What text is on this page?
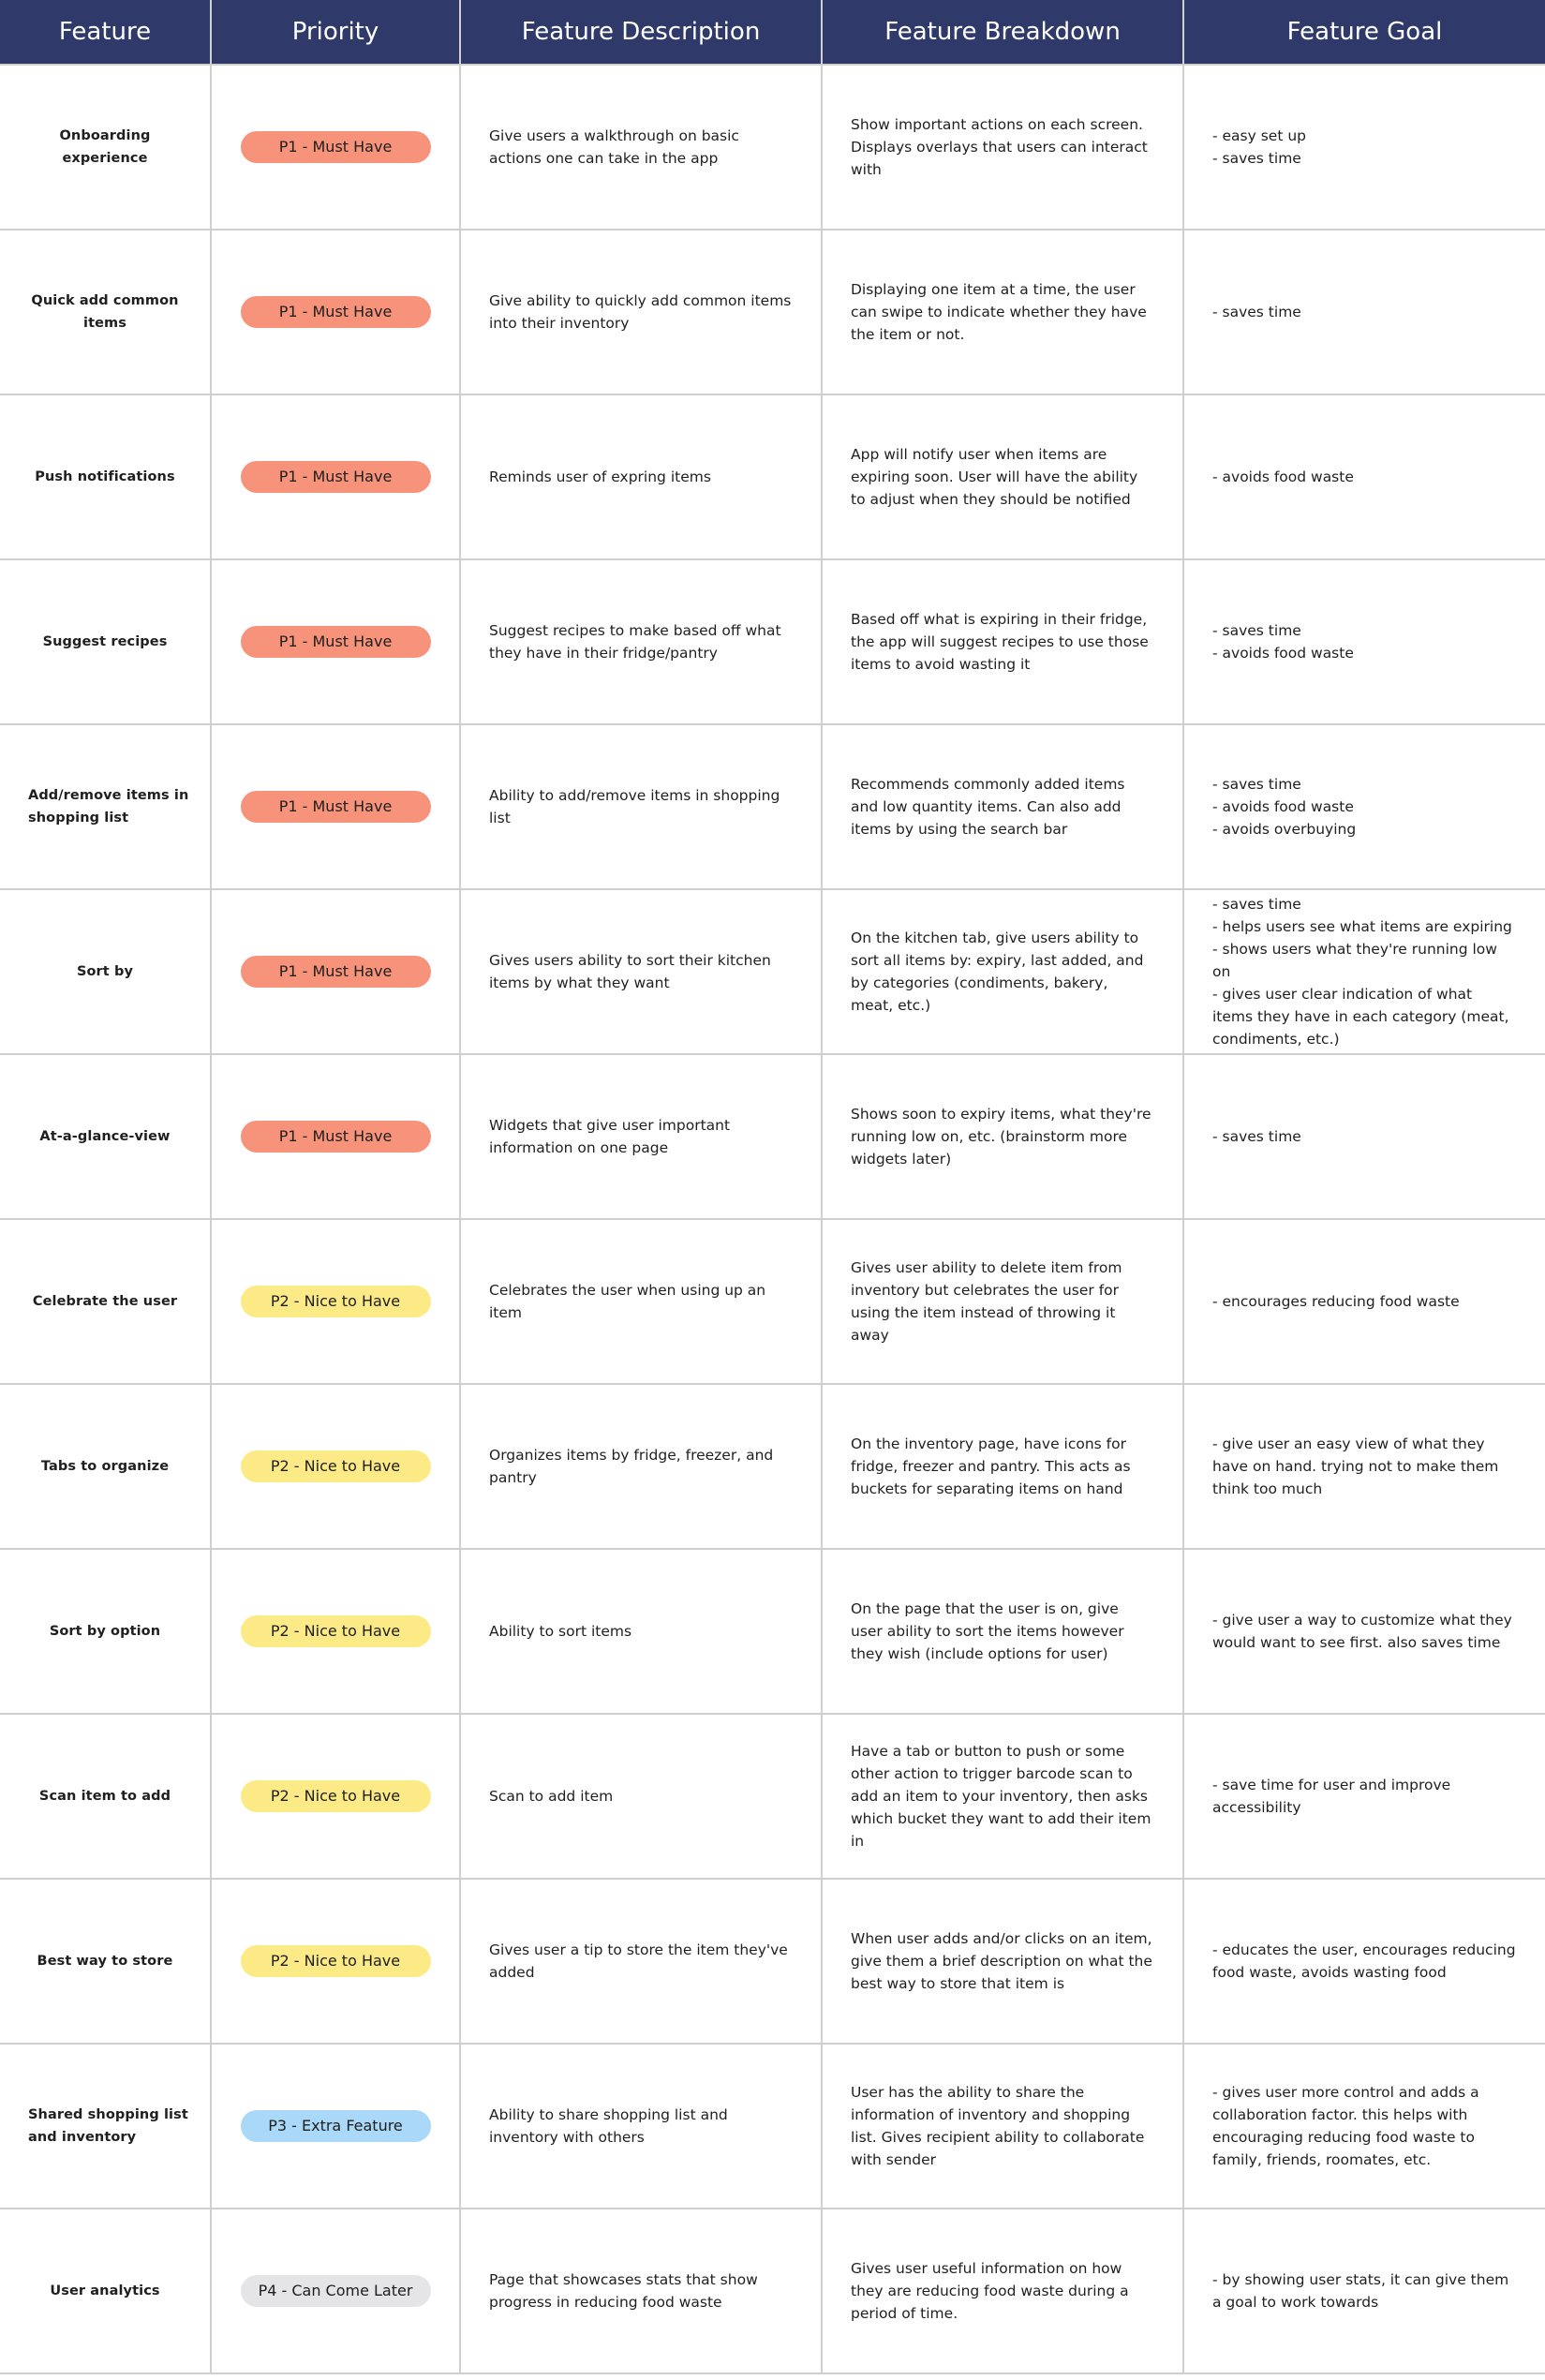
Feature	Priority	Feature Description	Feature Breakdown	Feature Goal
Onboarding experience	P1 - Must Have	Give users a walkthrough on basic actions one can take in the app	Show important actions on each screen. Displays overlays that users can interact with	- easy set up
- saves time

Quick add common items	P1 - Must Have	Give ability to quickly add common items into their inventory	Displaying one item at a time, the user can swipe to indicate whether they have the item or not.	- saves time

Push notifications	P1 - Must Have	Reminds user of expring items	App will notify user when items are expiring soon. User will have the ability to adjust when they should be notified	- avoids food waste

Suggest recipes	P1 - Must Have	Suggest recipes to make based off what they have in their fridge/pantry	Based off what is expiring in their fridge, the app will suggest recipes to use those items to avoid wasting it	- saves time
- avoids food waste

Add/remove items in shopping list	P1 - Must Have	Ability to add/remove items in shopping list	Recommends commonly added items and low quantity items. Can also add items by using the search bar	- saves time
- avoids food waste
- avoids overbuying

Sort by	P1 - Must Have	Gives users ability to sort their kitchen items by what they want	On the kitchen tab, give users ability to sort all items by: expiry, last added, and by categories (condiments, bakery, meat, etc.)	- saves time
- helps users see what items are expiring
- shows users what they're running low on
- gives user clear indication of what items they have in each category (meat, condiments, etc.)

At-a-glance-view	P1 - Must Have	Widgets that give user important information on one page	Shows soon to expiry items, what they're running low on, etc. (brainstorm more widgets later)	- saves time

Celebrate the user	P2 - Nice to Have	Celebrates the user when using up an item	Gives user ability to delete item from inventory but celebrates the user for using the item instead of throwing it away	- encourages reducing food waste

Tabs to organize	P2 - Nice to Have	Organizes items by fridge, freezer, and pantry	On the inventory page, have icons for fridge, freezer and pantry. This acts as buckets for separating items on hand	- give user an easy view of what they have on hand. trying not to make them think too much

Sort by option	P2 - Nice to Have	Ability to sort items	On the page that the user is on, give user ability to sort the items however they wish (include options for user)	- give user a way to customize what they would want to see first. also saves time

Scan item to add	P2 - Nice to Have	Scan to add item	Have a tab or button to push or some other action to trigger barcode scan to add an item to your inventory, then asks which bucket they want to add their item in	- save time for user and improve accessibility

Best way to store	P2 - Nice to Have	Gives user a tip to store the item they've added	When user adds and/or clicks on an item, give them a brief description on what the best way to store that item is	- educates the user, encourages reducing food waste, avoids wasting food

Shared shopping list and inventory	P3 - Extra Feature	Ability to share shopping list and inventory with others	User has the ability to share the information of inventory and shopping list. Gives recipient ability to collaborate with sender	- gives user more control and adds a collaboration factor. this helps with encouraging reducing food waste to family, friends, roomates, etc.

User analytics	P4 - Can Come Later	Page that showcases stats that show progress in reducing food waste	Gives user useful information on how they are reducing food waste during a period of time.	- by showing user stats, it can give them a goal to work towards
